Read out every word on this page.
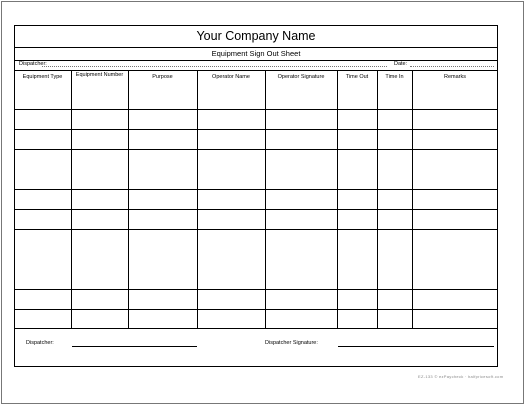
Your Company Name
Equipment Sign Out Sheet
Dispatcher:	Date:
Equipment Type	Equipment Number	Purpose	Operator Name	Operator Signature	Time Out	Time In	Remarks
Dispatcher:	Dispatcher Signature:
EZ-133 © ezPaycheck · halfpricesoft.com
